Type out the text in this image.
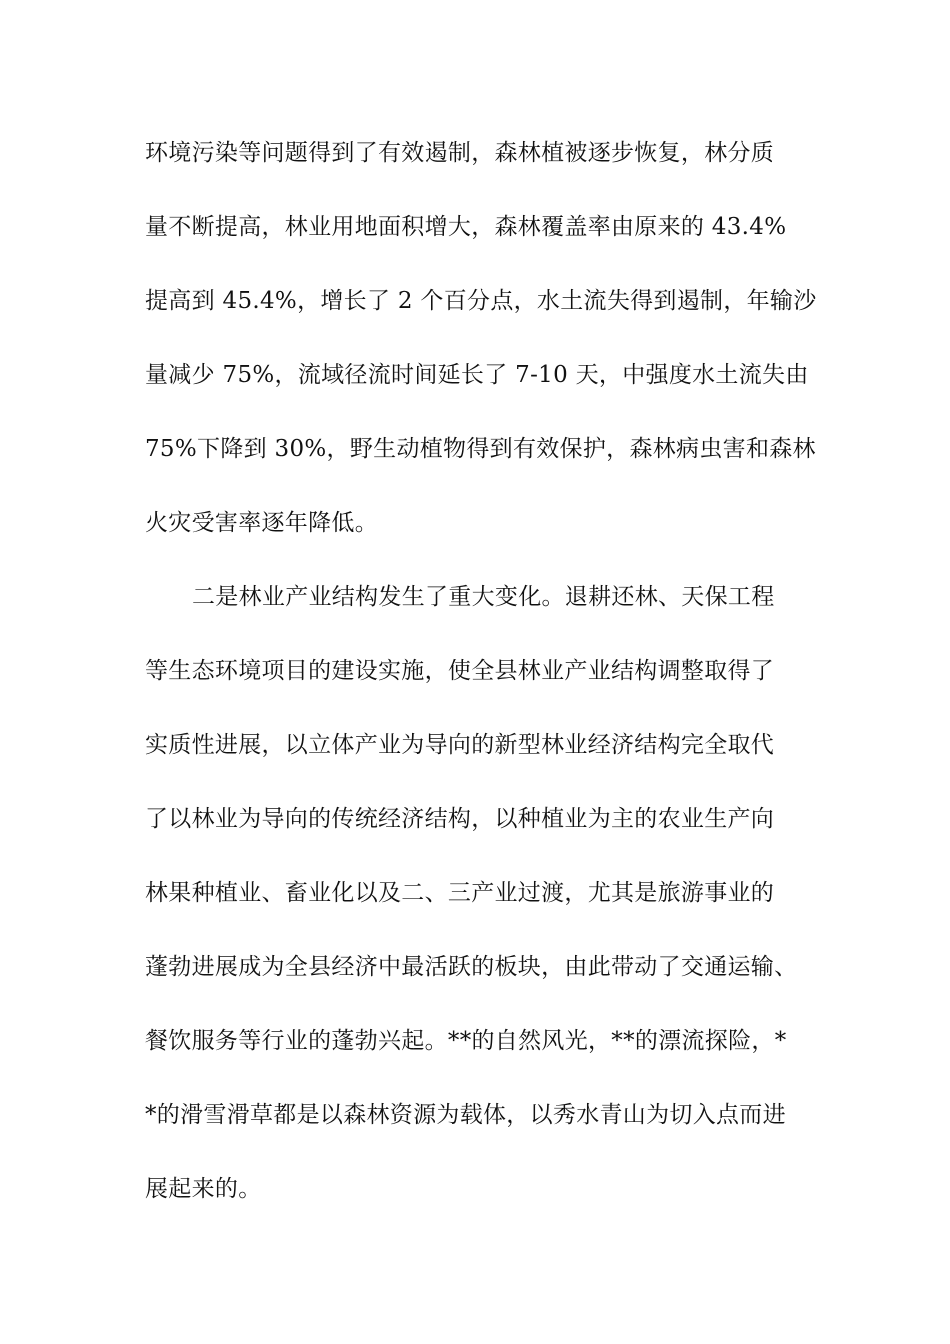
环境污染等问题得到了有效遏制，森林植被逐步恢复，林分质
量不断提高，林业用地面积增大，森林覆盖率由原来的 43.4%
提高到 45.4%，增长了 2 个百分点，水土流失得到遏制，年输沙
量减少 75%，流域径流时间延长了 7-10 天，中强度水土流失由
75%下降到 30%，野生动植物得到有效保护，森林病虫害和森林
火灾受害率逐年降低。
二是林业产业结构发生了重大变化。退耕还林、天保工程
等生态环境项目的建设实施，使全县林业产业结构调整取得了
实质性进展，以立体产业为导向的新型林业经济结构完全取代
了以林业为导向的传统经济结构，以种植业为主的农业生产向
林果种植业、畜业化以及二、三产业过渡，尤其是旅游事业的
蓬勃进展成为全县经济中最活跃的板块，由此带动了交通运输、
餐饮服务等行业的蓬勃兴起。**的自然风光，**的漂流探险，*
*的滑雪滑草都是以森林资源为载体，以秀水青山为切入点而进
展起来的。
